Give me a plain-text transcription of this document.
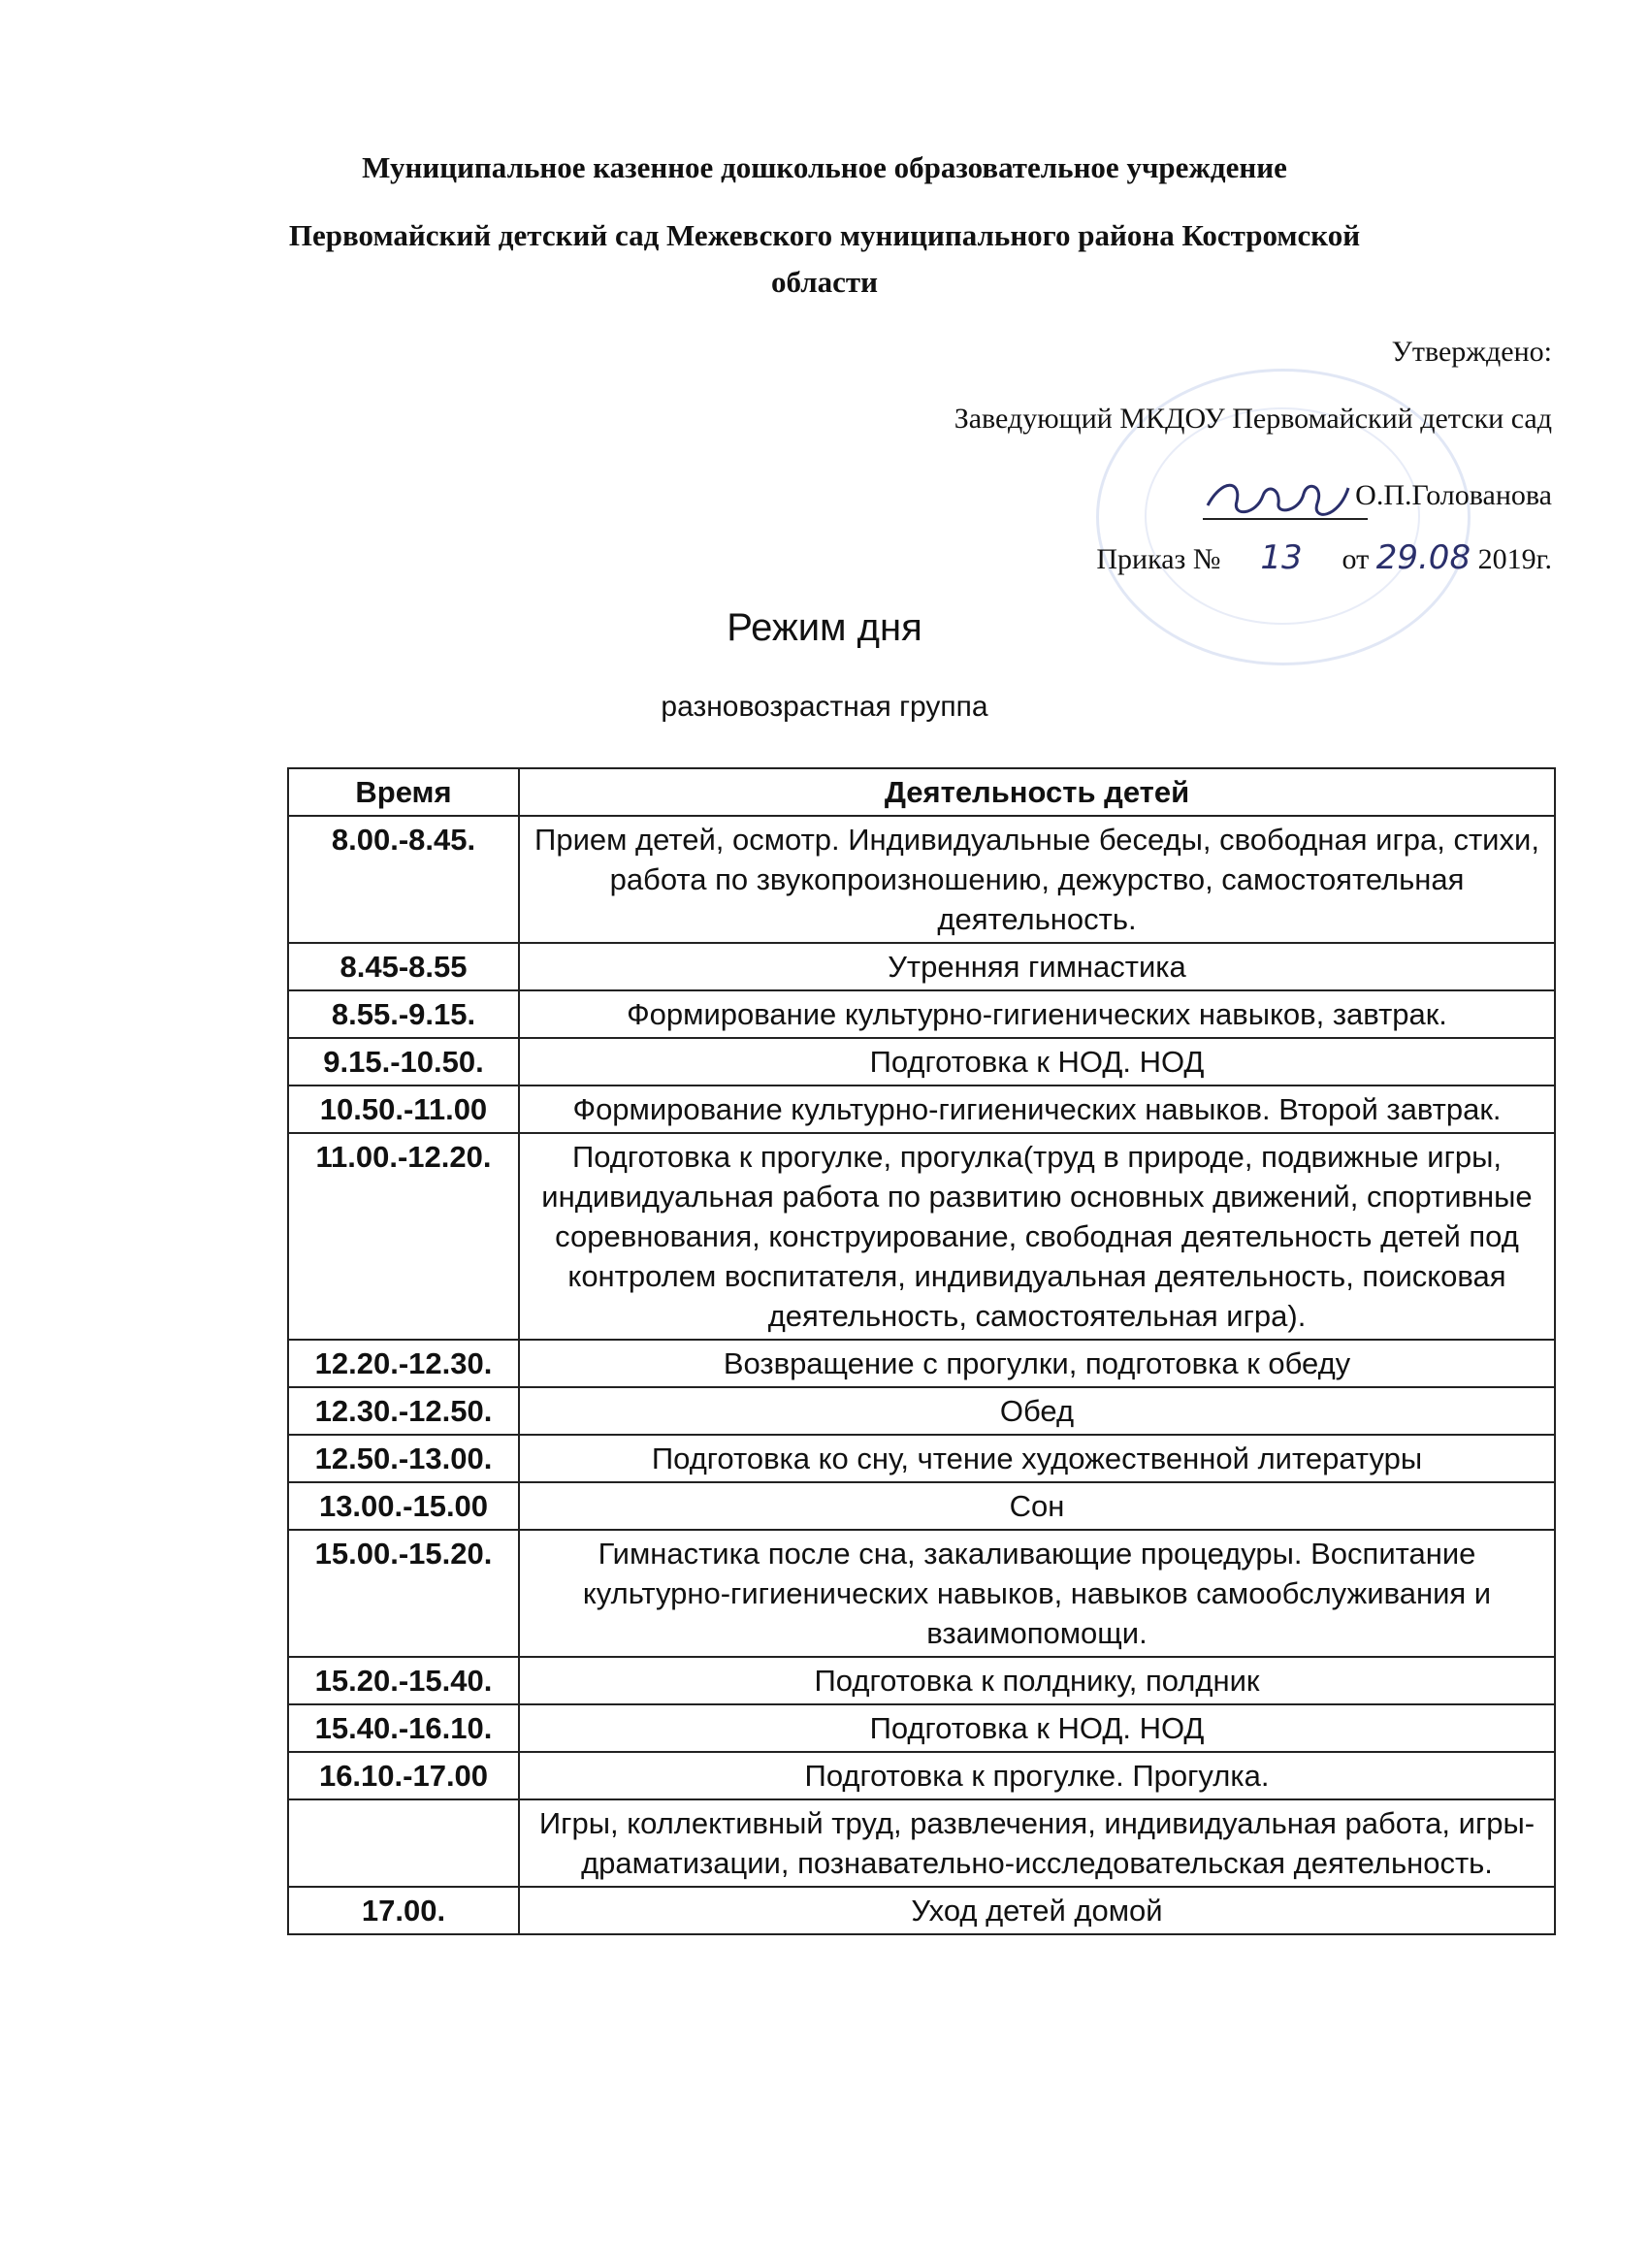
Муниципальное казенное дошкольное образовательное учреждение
Первомайский детский сад Межевского муниципального района Костромской
области
Утверждено:
Заведующий МКДОУ Первомайский детски сад
О.П.Голованова
Приказ № 13 от 29.08 2019г.
Режим дня
разновозрастная группа
Время	Деятельность детей
8.00.-8.45.	Прием детей, осмотр. Индивидуальные беседы, свободная игра, стихи, работа по звукопроизношению, дежурство, самостоятельная деятельность.
8.45-8.55	Утренняя гимнастика
8.55.-9.15.	Формирование культурно-гигиенических навыков, завтрак.
9.15.-10.50.	Подготовка к НОД. НОД
10.50.-11.00	Формирование культурно-гигиенических навыков. Второй завтрак.
11.00.-12.20.	Подготовка к прогулке, прогулка(труд в природе, подвижные игры, индивидуальная работа по развитию основных движений, спортивные соревнования, конструирование, свободная деятельность детей под контролем воспитателя, индивидуальная деятельность, поисковая деятельность, самостоятельная игра).
12.20.-12.30.	Возвращение с прогулки, подготовка к обеду
12.30.-12.50.	Обед
12.50.-13.00.	Подготовка ко сну, чтение художественной литературы
13.00.-15.00	Сон
15.00.-15.20.	Гимнастика после сна, закаливающие процедуры. Воспитание культурно-гигиенических навыков, навыков самообслуживания и взаимопомощи.
15.20.-15.40.	Подготовка к полднику, полдник
15.40.-16.10.	Подготовка к НОД. НОД
16.10.-17.00	Подготовка к прогулке. Прогулка.
	Игры, коллективный труд, развлечения, индивидуальная работа, игры-драматизации, познавательно-исследовательская деятельность.
17.00.	Уход детей домой
